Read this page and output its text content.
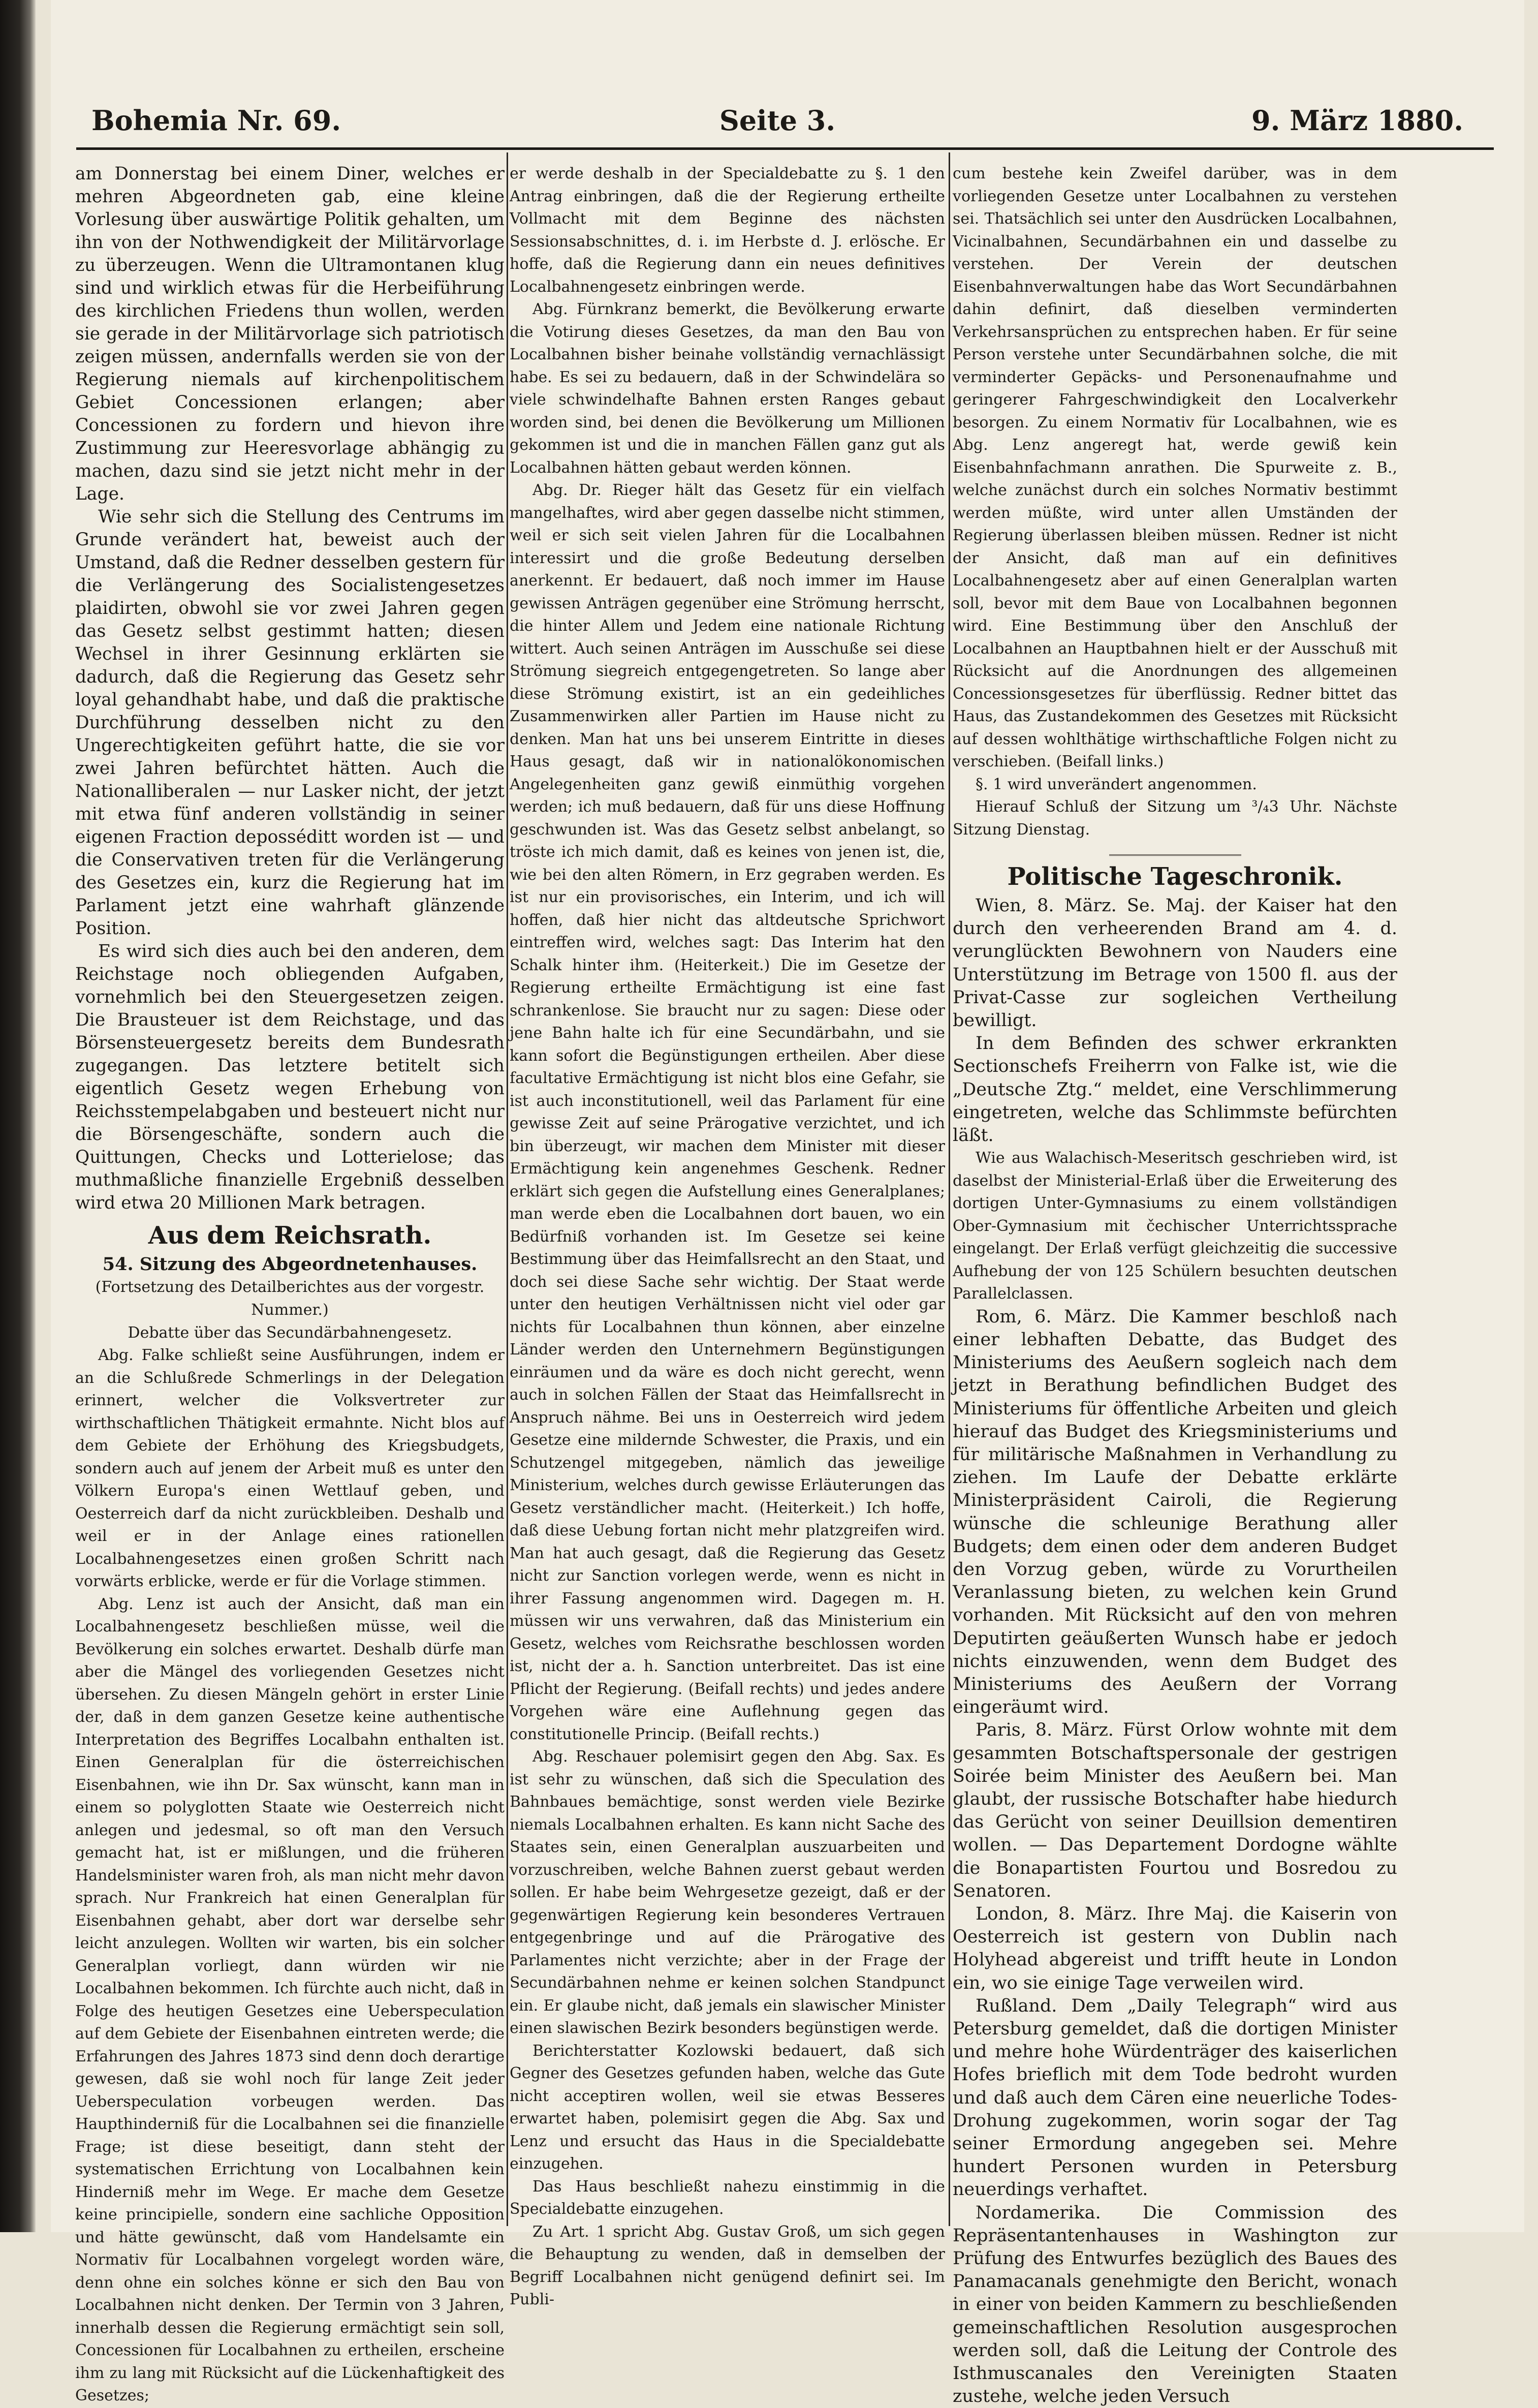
Bohemia Nr. 69.	Seite 3.	9. März 1880.

am Donnerstag bei einem Diner, welches er mehren Abgeordneten gab, eine kleine Vorlesung über auswärtige Politik gehalten, um ihn von der Nothwendigkeit der Militärvorlage zu überzeugen. Wenn die Ultramontanen klug sind und wirklich etwas für die Herbeiführung des kirchlichen Friedens thun wollen, werden sie gerade in der Militärvorlage sich patriotisch zeigen müssen, andernfalls werden sie von der Regierung niemals auf kirchenpolitischem Gebiet Concessionen erlangen; aber Concessionen zu fordern und hievon ihre Zustimmung zur Heeresvorlage abhängig zu machen, dazu sind sie jetzt nicht mehr in der Lage.

Wie sehr sich die Stellung des Centrums im Grunde verändert hat, beweist auch der Umstand, daß die Redner desselben gestern für die Verlängerung des Socialistengesetzes plaidirten, obwohl sie vor zwei Jahren gegen das Gesetz selbst gestimmt hatten; diesen Wechsel in ihrer Gesinnung erklärten sie dadurch, daß die Regierung das Gesetz sehr loyal gehandhabt habe, und daß die praktische Durchführung desselben nicht zu den Ungerechtigkeiten geführt hatte, die sie vor zwei Jahren befürchtet hätten. Auch die Nationalliberalen — nur Lasker nicht, der jetzt mit etwa fünf anderen vollständig in seiner eigenen Fraction deposséditt worden ist — und die Conservativen treten für die Verlängerung des Gesetzes ein, kurz die Regierung hat im Parlament jetzt eine wahrhaft glänzende Position.

Es wird sich dies auch bei den anderen, dem Reichstage noch obliegenden Aufgaben, vornehmlich bei den Steuergesetzen zeigen. Die Brausteuer ist dem Reichstage, und das Börsensteuergesetz bereits dem Bundesrath zugegangen. Das letztere betitelt sich eigentlich Gesetz wegen Erhebung von Reichsstempelabgaben und besteuert nicht nur die Börsengeschäfte, sondern auch die Quittungen, Checks und Lotterielose; das muthmaßliche finanzielle Ergebniß desselben wird etwa 20 Millionen Mark betragen.

Aus dem Reichsrath.
54. Sitzung des Abgeordnetenhauses.

(Fortsetzung des Detailberichtes aus der vorgestr. Nummer.)

Debatte über das Secundärbahnengesetz.

Abg. Falke schließt seine Ausführungen, indem er an die Schlußrede Schmerlings in der Delegation erinnert, welcher die Volksvertreter zur wirthschaftlichen Thätigkeit ermahnte. Nicht blos auf dem Gebiete der Erhöhung des Kriegsbudgets, sondern auch auf jenem der Arbeit muß es unter den Völkern Europa's einen Wettlauf geben, und Oesterreich darf da nicht zurückbleiben. Deshalb und weil er in der Anlage eines rationellen Localbahnengesetzes einen großen Schritt nach vorwärts erblicke, werde er für die Vorlage stimmen.

Abg. Lenz ist auch der Ansicht, daß man ein Localbahnengesetz beschließen müsse, weil die Bevölkerung ein solches erwartet. Deshalb dürfe man aber die Mängel des vorliegenden Gesetzes nicht übersehen. Zu diesen Mängeln gehört in erster Linie der, daß in dem ganzen Gesetze keine authentische Interpretation des Begriffes Localbahn enthalten ist. Einen Generalplan für die österreichischen Eisenbahnen, wie ihn Dr. Sax wünscht, kann man in einem so polyglotten Staate wie Oesterreich nicht anlegen und jedesmal, so oft man den Versuch gemacht hat, ist er mißlungen, und die früheren Handelsminister waren froh, als man nicht mehr davon sprach. Nur Frankreich hat einen Generalplan für Eisenbahnen gehabt, aber dort war derselbe sehr leicht anzulegen. Wollten wir warten, bis ein solcher Generalplan vorliegt, dann würden wir nie Localbahnen bekommen. Ich fürchte auch nicht, daß in Folge des heutigen Gesetzes eine Ueberspeculation auf dem Gebiete der Eisenbahnen eintreten werde; die Erfahrungen des Jahres 1873 sind denn doch derartige gewesen, daß sie wohl noch für lange Zeit jeder Ueberspeculation vorbeugen werden. Das Haupthinderniß für die Localbahnen sei die finanzielle Frage; ist diese beseitigt, dann steht der systematischen Errichtung von Localbahnen kein Hinderniß mehr im Wege. Er mache dem Gesetze keine principielle, sondern eine sachliche Opposition und hätte gewünscht, daß vom Handelsamte ein Normativ für Localbahnen vorgelegt worden wäre, denn ohne ein solches könne er sich den Bau von Localbahnen nicht denken. Der Termin von 3 Jahren, innerhalb dessen die Regierung ermächtigt sein soll, Concessionen für Localbahnen zu ertheilen, erscheine ihm zu lang mit Rücksicht auf die Lückenhaftigkeit des Gesetzes;

er werde deshalb in der Specialdebatte zu §. 1 den Antrag einbringen, daß die der Regierung ertheilte Vollmacht mit dem Beginne des nächsten Sessionsabschnittes, d. i. im Herbste d. J. erlösche. Er hoffe, daß die Regierung dann ein neues definitives Localbahnengesetz einbringen werde.

Abg. Fürnkranz bemerkt, die Bevölkerung erwarte die Votirung dieses Gesetzes, da man den Bau von Localbahnen bisher beinahe vollständig vernachlässigt habe. Es sei zu bedauern, daß in der Schwindelära so viele schwindelhafte Bahnen ersten Ranges gebaut worden sind, bei denen die Bevölkerung um Millionen gekommen ist und die in manchen Fällen ganz gut als Localbahnen hätten gebaut werden können.

Abg. Dr. Rieger hält das Gesetz für ein vielfach mangelhaftes, wird aber gegen dasselbe nicht stimmen, weil er sich seit vielen Jahren für die Localbahnen interessirt und die große Bedeutung derselben anerkennt. Er bedauert, daß noch immer im Hause gewissen Anträgen gegenüber eine Strömung herrscht, die hinter Allem und Jedem eine nationale Richtung wittert. Auch seinen Anträgen im Ausschuße sei diese Strömung siegreich entgegengetreten. So lange aber diese Strömung existirt, ist an ein gedeihliches Zusammenwirken aller Partien im Hause nicht zu denken. Man hat uns bei unserem Eintritte in dieses Haus gesagt, daß wir in nationalökonomischen Angelegenheiten ganz gewiß einmüthig vorgehen werden; ich muß bedauern, daß für uns diese Hoffnung geschwunden ist. Was das Gesetz selbst anbelangt, so tröste ich mich damit, daß es keines von jenen ist, die, wie bei den alten Römern, in Erz gegraben werden. Es ist nur ein provisorisches, ein Interim, und ich will hoffen, daß hier nicht das altdeutsche Sprichwort eintreffen wird, welches sagt: Das Interim hat den Schalk hinter ihm. (Heiterkeit.) Die im Gesetze der Regierung ertheilte Ermächtigung ist eine fast schrankenlose. Sie braucht nur zu sagen: Diese oder jene Bahn halte ich für eine Secundärbahn, und sie kann sofort die Begünstigungen ertheilen. Aber diese facultative Ermächtigung ist nicht blos eine Gefahr, sie ist auch inconstitutionell, weil das Parlament für eine gewisse Zeit auf seine Prärogative verzichtet, und ich bin überzeugt, wir machen dem Minister mit dieser Ermächtigung kein angenehmes Geschenk. Redner erklärt sich gegen die Aufstellung eines Generalplanes; man werde eben die Localbahnen dort bauen, wo ein Bedürfniß vorhanden ist. Im Gesetze sei keine Bestimmung über das Heimfallsrecht an den Staat, und doch sei diese Sache sehr wichtig. Der Staat werde unter den heutigen Verhältnissen nicht viel oder gar nichts für Localbahnen thun können, aber einzelne Länder werden den Unternehmern Begünstigungen einräumen und da wäre es doch nicht gerecht, wenn auch in solchen Fällen der Staat das Heimfallsrecht in Anspruch nähme. Bei uns in Oesterreich wird jedem Gesetze eine mildernde Schwester, die Praxis, und ein Schutzengel mitgegeben, nämlich das jeweilige Ministerium, welches durch gewisse Erläuterungen das Gesetz verständlicher macht. (Heiterkeit.) Ich hoffe, daß diese Uebung fortan nicht mehr platzgreifen wird. Man hat auch gesagt, daß die Regierung das Gesetz nicht zur Sanction vorlegen werde, wenn es nicht in ihrer Fassung angenommen wird. Dagegen m. H. müssen wir uns verwahren, daß das Ministerium ein Gesetz, welches vom Reichsrathe beschlossen worden ist, nicht der a. h. Sanction unterbreitet. Das ist eine Pflicht der Regierung. (Beifall rechts) und jedes andere Vorgehen wäre eine Auflehnung gegen das constitutionelle Princip. (Beifall rechts.)

Abg. Reschauer polemisirt gegen den Abg. Sax. Es ist sehr zu wünschen, daß sich die Speculation des Bahnbaues bemächtige, sonst werden viele Bezirke niemals Localbahnen erhalten. Es kann nicht Sache des Staates sein, einen Generalplan auszuarbeiten und vorzuschreiben, welche Bahnen zuerst gebaut werden sollen. Er habe beim Wehrgesetze gezeigt, daß er der gegenwärtigen Regierung kein besonderes Vertrauen entgegenbringe und auf die Prärogative des Parlamentes nicht verzichte; aber in der Frage der Secundärbahnen nehme er keinen solchen Standpunct ein. Er glaube nicht, daß jemals ein slawischer Minister einen slawischen Bezirk besonders begünstigen werde.

Berichterstatter Kozlowski bedauert, daß sich Gegner des Gesetzes gefunden haben, welche das Gute nicht acceptiren wollen, weil sie etwas Besseres erwartet haben, polemisirt gegen die Abg. Sax und Lenz und ersucht das Haus in die Specialdebatte einzugehen.

Das Haus beschließt nahezu einstimmig in die Specialdebatte einzugehen.

Zu Art. 1 spricht Abg. Gustav Groß, um sich gegen die Behauptung zu wenden, daß in demselben der Begriff Localbahnen nicht genügend definirt sei. Im Publi-

cum bestehe kein Zweifel darüber, was in dem vorliegenden Gesetze unter Localbahnen zu verstehen sei. Thatsächlich sei unter den Ausdrücken Localbahnen, Vicinalbahnen, Secundärbahnen ein und dasselbe zu verstehen. Der Verein der deutschen Eisenbahnverwaltungen habe das Wort Secundärbahnen dahin definirt, daß dieselben verminderten Verkehrsansprüchen zu entsprechen haben. Er für seine Person verstehe unter Secundärbahnen solche, die mit verminderter Gepäcks- und Personenaufnahme und geringerer Fahrgeschwindigkeit den Localverkehr besorgen. Zu einem Normativ für Localbahnen, wie es Abg. Lenz angeregt hat, werde gewiß kein Eisenbahnfachmann anrathen. Die Spurweite z. B., welche zunächst durch ein solches Normativ bestimmt werden müßte, wird unter allen Umständen der Regierung überlassen bleiben müssen. Redner ist nicht der Ansicht, daß man auf ein definitives Localbahnengesetz aber auf einen Generalplan warten soll, bevor mit dem Baue von Localbahnen begonnen wird. Eine Bestimmung über den Anschluß der Localbahnen an Hauptbahnen hielt er der Ausschuß mit Rücksicht auf die Anordnungen des allgemeinen Concessionsgesetzes für überflüssig. Redner bittet das Haus, das Zustandekommen des Gesetzes mit Rücksicht auf dessen wohlthätige wirthschaftliche Folgen nicht zu verschieben. (Beifall links.)

§. 1 wird unverändert angenommen.

Hierauf Schluß der Sitzung um ³/₄3 Uhr. Nächste Sitzung Dienstag.

Politische Tageschronik.

Wien, 8. März. Se. Maj. der Kaiser hat den durch den verheerenden Brand am 4. d. verunglückten Bewohnern von Nauders eine Unterstützung im Betrage von 1500 fl. aus der Privat-Casse zur sogleichen Vertheilung bewilligt.

In dem Befinden des schwer erkrankten Sectionschefs Freiherrn von Falke ist, wie die „Deutsche Ztg.“ meldet, eine Verschlimmerung eingetreten, welche das Schlimmste befürchten läßt.

Wie aus Walachisch-Meseritsch geschrieben wird, ist daselbst der Ministerial-Erlaß über die Erweiterung des dortigen Unter-Gymnasiums zu einem vollständigen Ober-Gymnasium mit čechischer Unterrichtssprache eingelangt. Der Erlaß verfügt gleichzeitig die successive Aufhebung der von 125 Schülern besuchten deutschen Parallelclassen.

Rom, 6. März. Die Kammer beschloß nach einer lebhaften Debatte, das Budget des Ministeriums des Aeußern sogleich nach dem jetzt in Berathung befindlichen Budget des Ministeriums für öffentliche Arbeiten und gleich hierauf das Budget des Kriegsministeriums und für militärische Maßnahmen in Verhandlung zu ziehen. Im Laufe der Debatte erklärte Ministerpräsident Cairoli, die Regierung wünsche die schleunige Berathung aller Budgets; dem einen oder dem anderen Budget den Vorzug geben, würde zu Vorurtheilen Veranlassung bieten, zu welchen kein Grund vorhanden. Mit Rücksicht auf den von mehren Deputirten geäußerten Wunsch habe er jedoch nichts einzuwenden, wenn dem Budget des Ministeriums des Aeußern der Vorrang eingeräumt wird.

Paris, 8. März. Fürst Orlow wohnte mit dem gesammten Botschaftspersonale der gestrigen Soirée beim Minister des Aeußern bei. Man glaubt, der russische Botschafter habe hiedurch das Gerücht von seiner Deuillsion dementiren wollen. — Das Departement Dordogne wählte die Bonapartisten Fourtou und Bosredou zu Senatoren.

London, 8. März. Ihre Maj. die Kaiserin von Oesterreich ist gestern von Dublin nach Holyhead abgereist und trifft heute in London ein, wo sie einige Tage verweilen wird.

Rußland. Dem „Daily Telegraph“ wird aus Petersburg gemeldet, daß die dortigen Minister und mehre hohe Würdenträger des kaiserlichen Hofes brieflich mit dem Tode bedroht wurden und daß auch dem Cären eine neuerliche Todes-Drohung zugekommen, worin sogar der Tag seiner Ermordung angegeben sei. Mehre hundert Personen wurden in Petersburg neuerdings verhaftet.

Nordamerika. Die Commission des Repräsentantenhauses in Washington zur Prüfung des Entwurfes bezüglich des Baues des Panamacanals genehmigte den Bericht, wonach in einer von beiden Kammern zu beschließenden gemeinschaftlichen Resolution ausgesprochen werden soll, daß die Leitung der Controle des Isthmuscanales den Vereinigten Staaten zustehe, welche jeden Versuch
